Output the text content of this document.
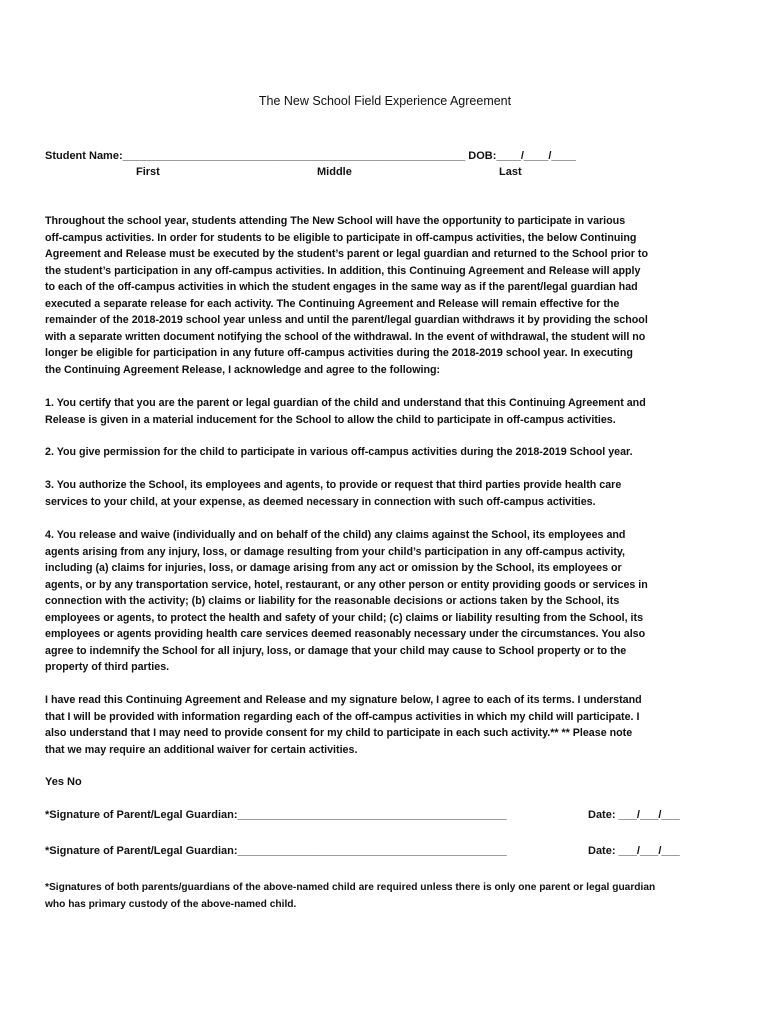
The New School Field Experience Agreement
Student Name:________________________________________________________ DOB:____/____/____
First	Middle	Last
Throughout the school year, students attending The New School will have the opportunity to participate in various
off-campus activities. In order for students to be eligible to participate in off-campus activities, the below Continuing
Agreement and Release must be executed by the student’s parent or legal guardian and returned to the School prior to
the student’s participation in any off-campus activities. In addition, this Continuing Agreement and Release will apply
to each of the off-campus activities in which the student engages in the same way as if the parent/legal guardian had
executed a separate release for each activity. The Continuing Agreement and Release will remain effective for the
remainder of the 2018-2019 school year unless and until the parent/legal guardian withdraws it by providing the school
with a separate written document notifying the school of the withdrawal. In the event of withdrawal, the student will no
longer be eligible for participation in any future off-campus activities during the 2018-2019 school year. In executing
the Continuing Agreement Release, I acknowledge and agree to the following:
1. You certify that you are the parent or legal guardian of the child and understand that this Continuing Agreement and
Release is given in a material inducement for the School to allow the child to participate in off-campus activities.
2. You give permission for the child to participate in various off-campus activities during the 2018-2019 School year.
3. You authorize the School, its employees and agents, to provide or request that third parties provide health care
services to your child, at your expense, as deemed necessary in connection with such off-campus activities.
4. You release and waive (individually and on behalf of the child) any claims against the School, its employees and
agents arising from any injury, loss, or damage resulting from your child’s participation in any off-campus activity,
including (a) claims for injuries, loss, or damage arising from any act or omission by the School, its employees or
agents, or by any transportation service, hotel, restaurant, or any other person or entity providing goods or services in
connection with the activity; (b) claims or liability for the reasonable decisions or actions taken by the School, its
employees or agents, to protect the health and safety of your child; (c) claims or liability resulting from the School, its
employees or agents providing health care services deemed reasonably necessary under the circumstances. You also
agree to indemnify the School for all injury, loss, or damage that your child may cause to School property or to the
property of third parties.
I have read this Continuing Agreement and Release and my signature below, I agree to each of its terms. I understand
that I will be provided with information regarding each of the off-campus activities in which my child will participate. I
also understand that I may need to provide consent for my child to participate in each such activity.** ** Please note
that we may require an additional waiver for certain activities.
Yes No
*Signature of Parent/Legal Guardian:____________________________________________	Date: ___/___/___
*Signature of Parent/Legal Guardian:____________________________________________	Date: ___/___/___
*Signatures of both parents/guardians of the above-named child are required unless there is only one parent or legal guardian
who has primary custody of the above-named child.
